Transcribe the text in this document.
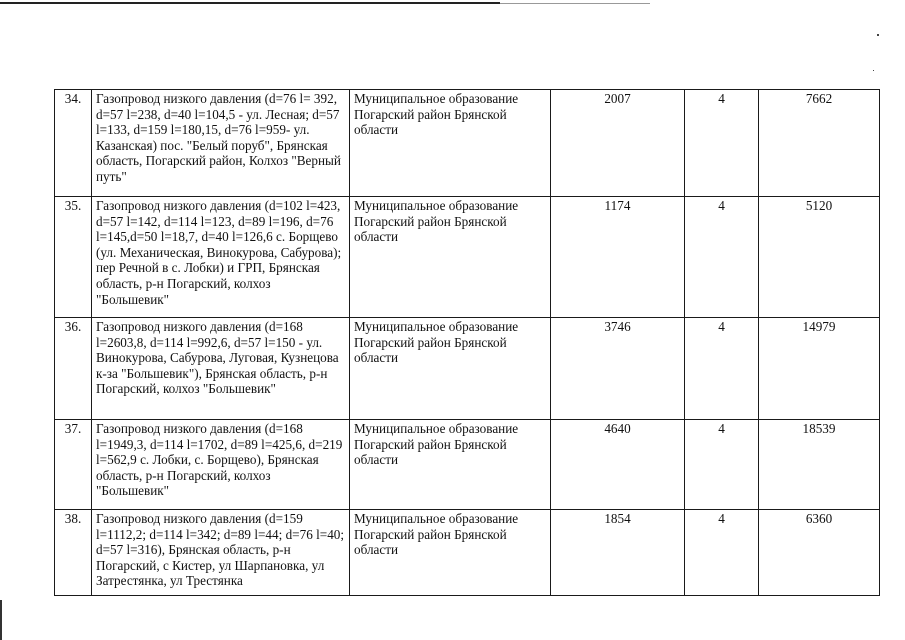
34.	Газопровод низкого давления (d=76 l= 392, d=57 l=238, d=40 l=104,5 - ул. Лесная; d=57 l=133, d=159 l=180,15, d=76 l=959- ул. Казанская) пос. "Белый поруб", Брянская область, Погарский район, Колхоз "Верный путь"	Муниципальное образование Погарский район Брянской области	2007	4	7662
35.	Газопровод низкого давления (d=102 l=423, d=57 l=142, d=114 l=123, d=89 l=196, d=76 l=145,d=50 l=18,7, d=40 l=126,6 с. Борщево (ул. Механическая, Винокурова, Сабурова); пер Речной в с. Лобки) и ГРП, Брянская область, р-н Погарский, колхоз "Большевик"	Муниципальное образование Погарский район Брянской области	1174	4	5120
36.	Газопровод низкого давления (d=168 l=2603,8, d=114 l=992,6, d=57 l=150 - ул. Винокурова, Сабурова, Луговая, Кузнецова к-за "Большевик"), Брянская область, р-н Погарский, колхоз "Большевик"	Муниципальное образование Погарский район Брянской области	3746	4	14979
37.	Газопровод низкого давления (d=168 l=1949,3, d=114 l=1702, d=89 l=425,6, d=219 l=562,9 с. Лобки, с. Борщево), Брянская область, р-н Погарский, колхоз "Большевик"	Муниципальное образование Погарский район Брянской области	4640	4	18539
38.	Газопровод низкого давления (d=159 l=1112,2; d=114 l=342; d=89 l=44; d=76 l=40; d=57 l=316), Брянская область, р-н Погарский, с Кистер, ул Шарпановка, ул Затрестянка, ул Трестянка	Муниципальное образование Погарский район Брянской области	1854	4	6360
